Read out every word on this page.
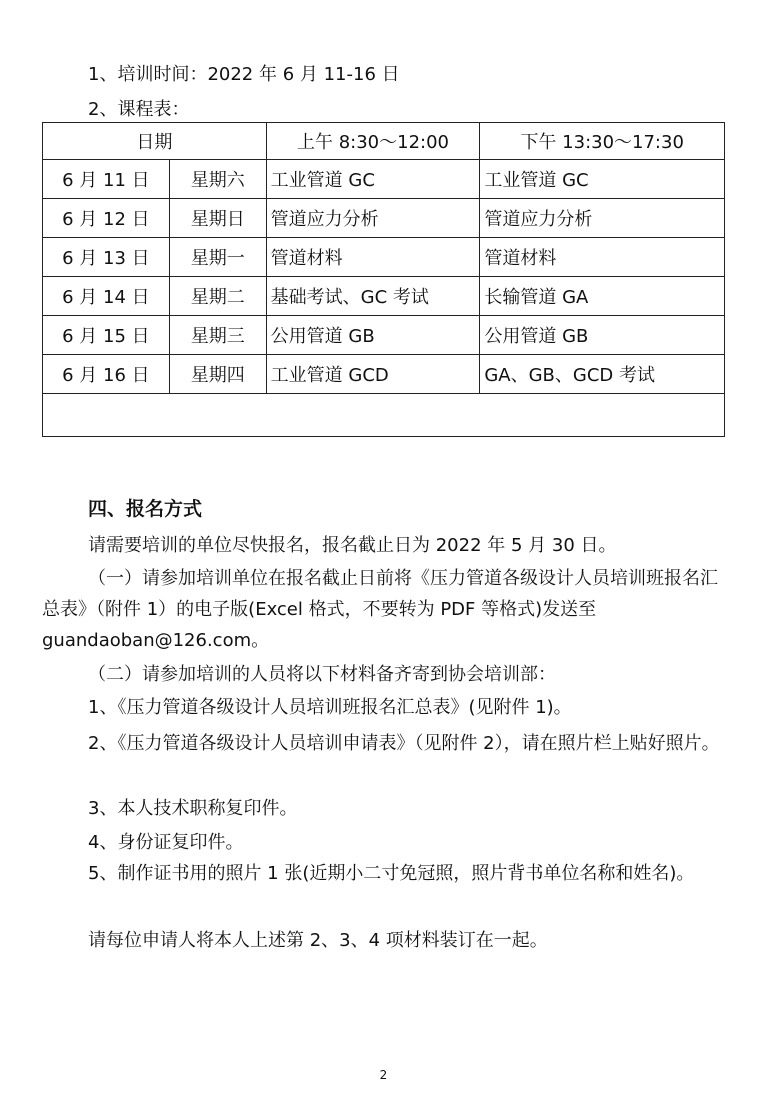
1、培训时间：2022 年 6 月 11-16 日
2、课程表：
日期		上午 8:30～12:00	下午 13:30～17:30
6 月 11 日	星期六	工业管道 GC	工业管道 GC
6 月 12 日	星期日	管道应力分析	管道应力分析
6 月 13 日	星期一	管道材料	管道材料
6 月 14 日	星期二	基础考试、GC 考试	长输管道 GA
6 月 15 日	星期三	公用管道 GB	公用管道 GB
6 月 16 日	星期四	工业管道 GCD	GA、GB、GCD 考试

四、报名方式
请需要培训的单位尽快报名，报名截止日为 2022 年 5 月 30 日。
（一）请参加培训单位在报名截止日前将《压力管道各级设计人员培训班报名汇总表》（附件 1）的电子版(Excel 格式，不要转为 PDF 等格式)发送至 guandaoban@126.com。
（二）请参加培训的人员将以下材料备齐寄到协会培训部：
1、《压力管道各级设计人员培训班报名汇总表》(见附件 1)。
2、《压力管道各级设计人员培训申请表》（见附件 2），请在照片栏上贴好照片。
3、本人技术职称复印件。
4、身份证复印件。
5、制作证书用的照片 1 张(近期小二寸免冠照，照片背书单位名称和姓名)。
请每位申请人将本人上述第 2、3、4 项材料装订在一起。
2
